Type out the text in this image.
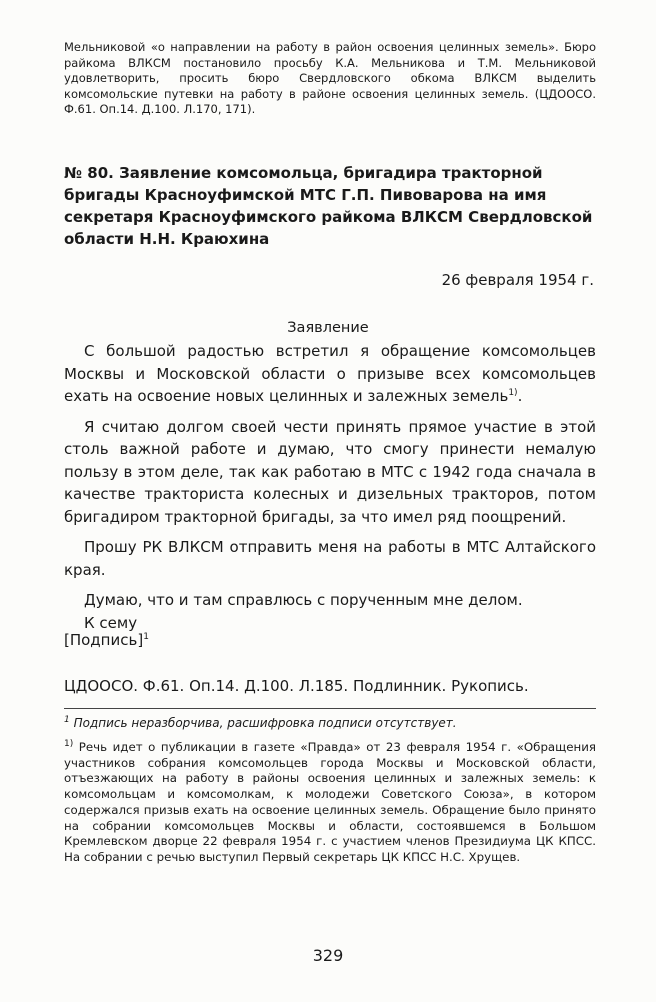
Мельниковой «о направлении на работу в район освоения целинных земель». Бюро райкома ВЛКСМ постановило просьбу К.А. Мельникова и Т.М. Мельниковой удовлетворить, просить бюро Свердловского обкома ВЛКСМ выделить комсомольские путевки на работу в районе освоения целинных земель. (ЦДООСО. Ф.61. Оп.14. Д.100. Л.170, 171).

№ 80. Заявление комсомольца, бригадира тракторной бригады Красноуфимской МТС Г.П. Пивоварова на имя секретаря Красноуфимского райкома ВЛКСМ Свердловской области Н.Н. Краюхина

26 февраля 1954 г.

Заявление

С большой радостью встретил я обращение комсомольцев Москвы и Московской области о призыве всех комсомольцев ехать на освоение новых целинных и залежных земель$^{1)}$.

Я считаю долгом своей чести принять прямое участие в этой столь важной работе и думаю, что смогу принести немалую пользу в этом деле, так как работаю в МТС с 1942 года сначала в качестве тракториста колесных и дизельных тракторов, потом бригадиром тракторной бригады, за что имел ряд поощрений.

Прошу РК ВЛКСМ отправить меня на работы в МТС Алтайского края.

Думаю, что и там справлюсь с порученным мне делом.

К сему

[Подпись]$^1$

ЦДООСО. Ф.61. Оп.14. Д.100. Л.185. Подлинник. Рукопись.

$^1$ Подпись неразборчива, расшифровка подписи отсутствует.

$^{1)}$ Речь идет о публикации в газете «Правда» от 23 февраля 1954 г. «Обращения участников собрания комсомольцев города Москвы и Московской области, отъезжающих на работу в районы освоения целинных и залежных земель: к комсомольцам и комсомолкам, к молодежи Советского Союза», в котором содержался призыв ехать на освоение целинных земель. Обращение было принято на собрании комсомольцев Москвы и области, состоявшемся в Большом Кремлевском дворце 22 февраля 1954 г. с участием членов Президиума ЦК КПСС. На собрании с речью выступил Первый секретарь ЦК КПСС Н.С. Хрущев.

329
